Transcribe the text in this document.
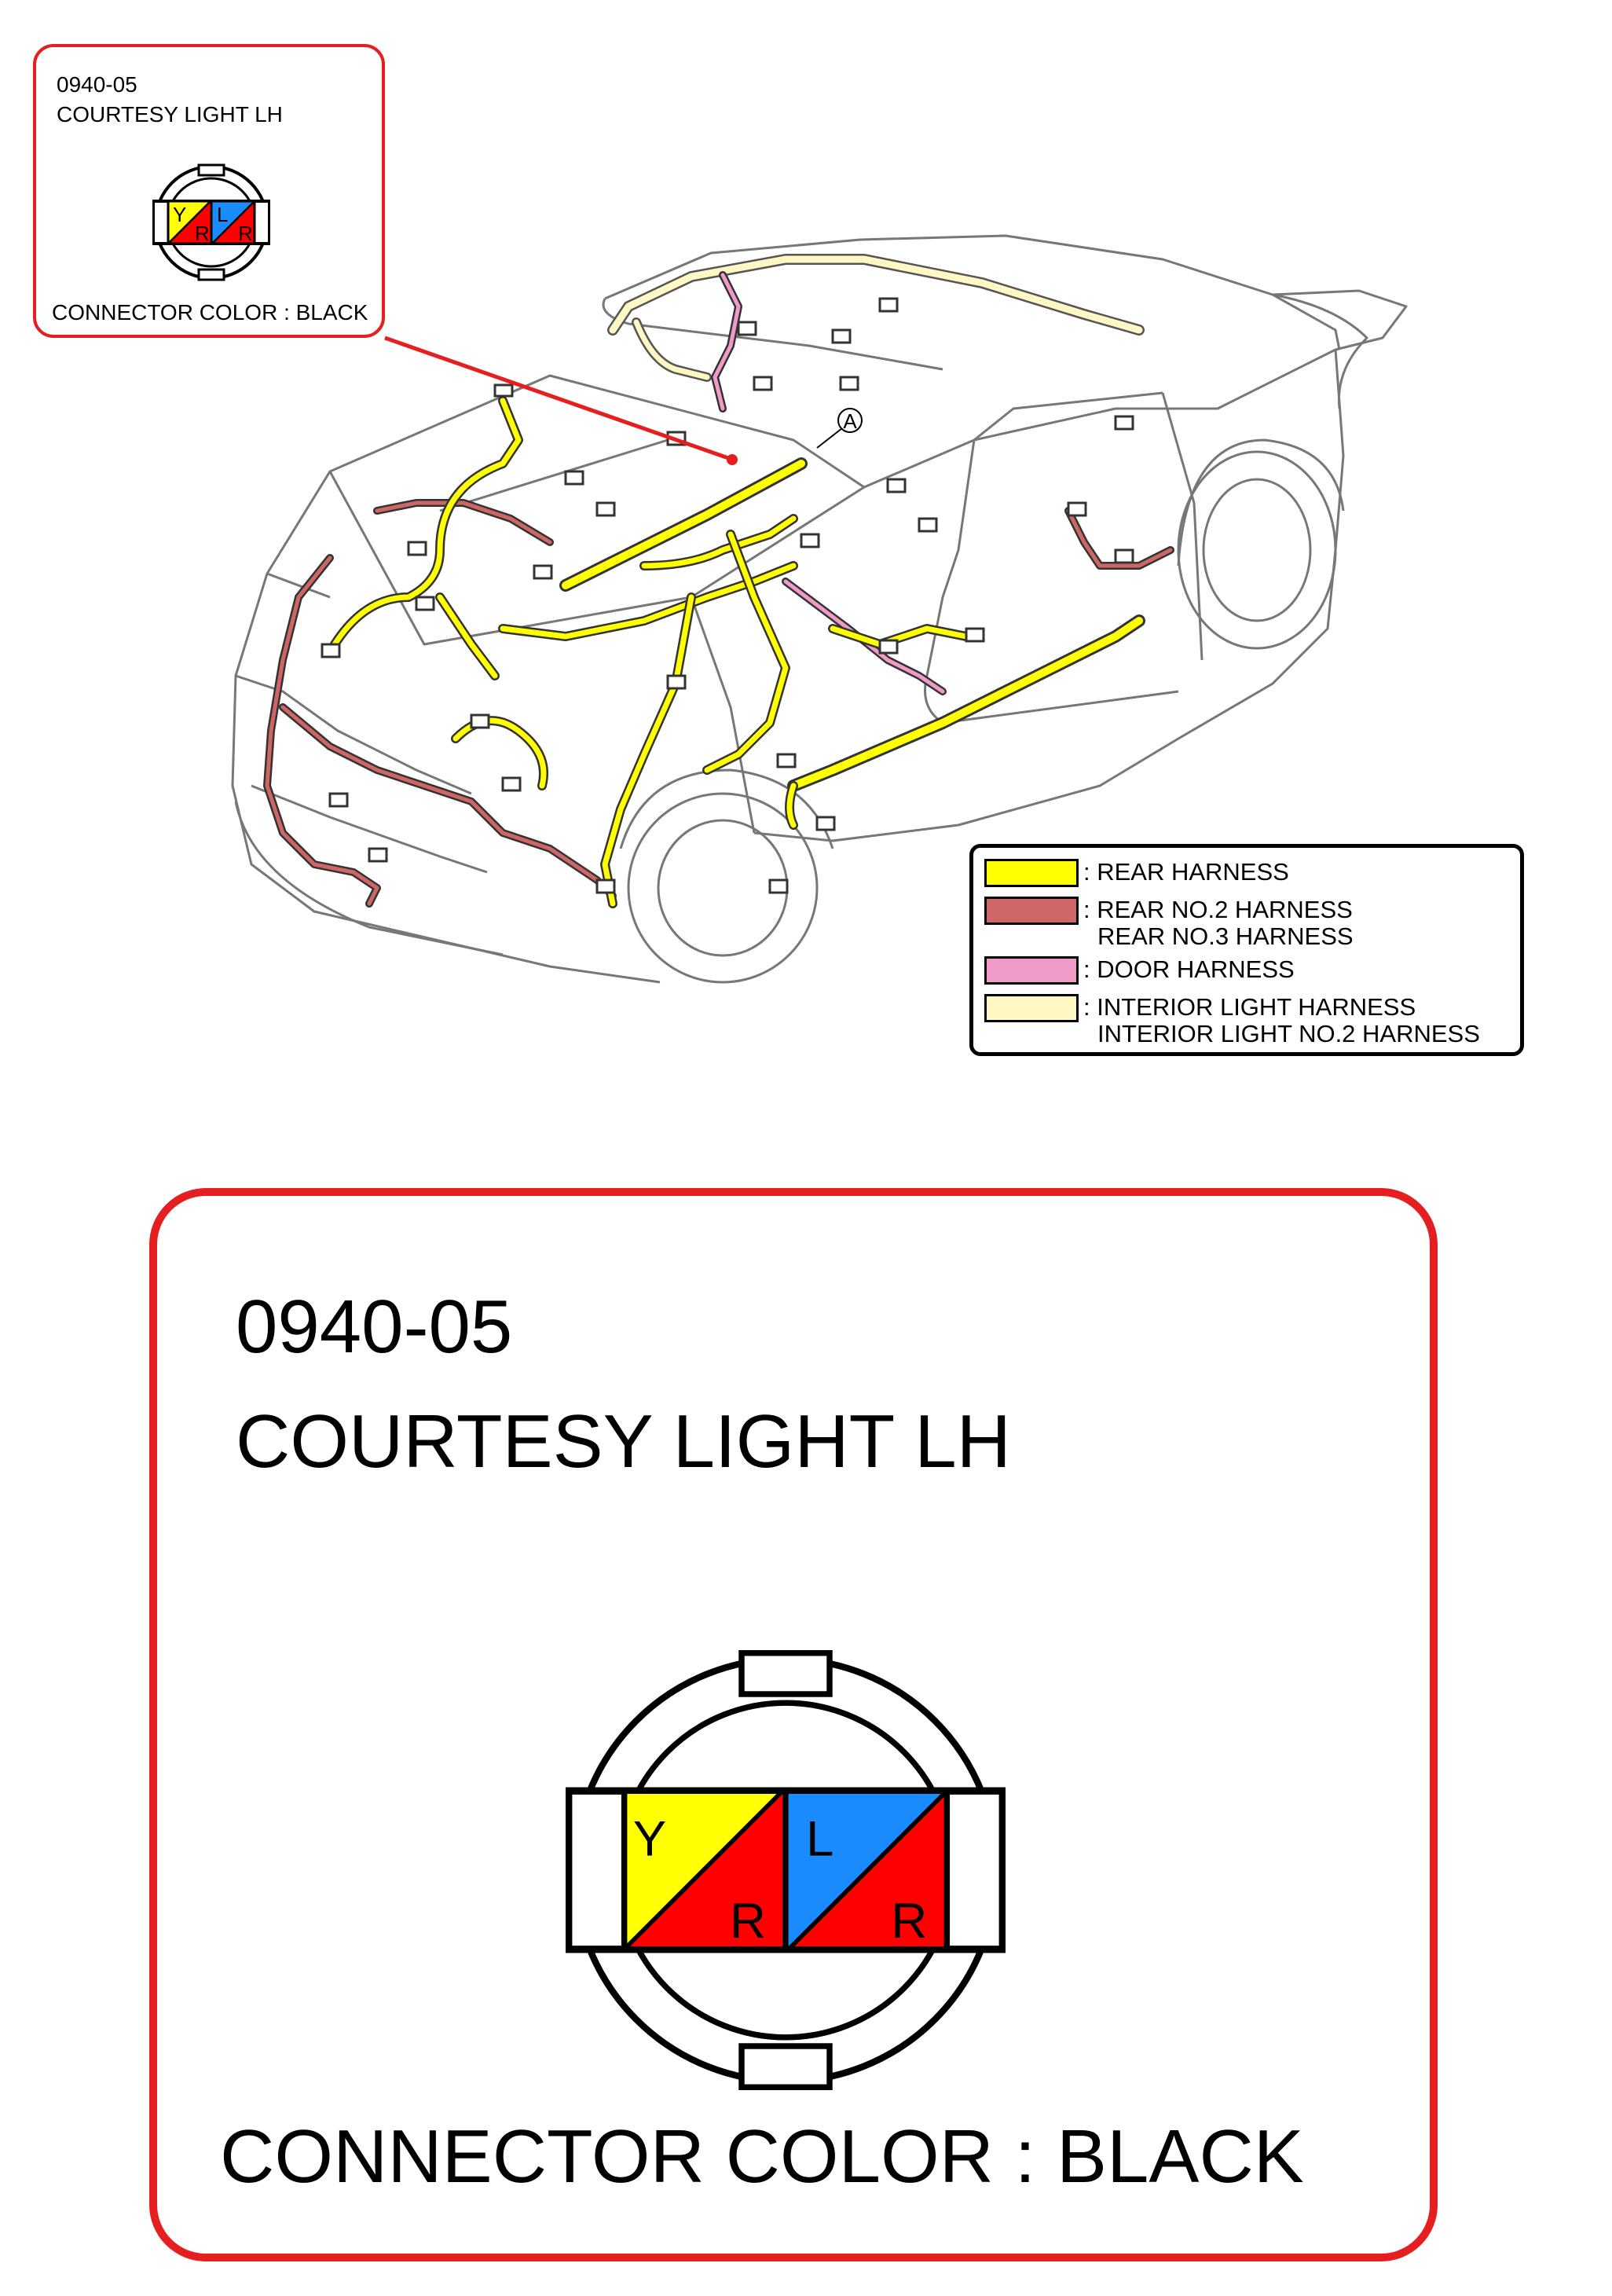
A
0940-05
COURTESY LIGHT LH
Y
R
L
R
CONNECTOR COLOR : BLACK
: REAR HARNESS
: REAR NO.2 HARNESS
REAR NO.3 HARNESS
: DOOR HARNESS
: INTERIOR LIGHT HARNESS
INTERIOR LIGHT NO.2 HARNESS
0940-05
COURTESY LIGHT LH
Y
R
L
R
CONNECTOR COLOR : BLACK
